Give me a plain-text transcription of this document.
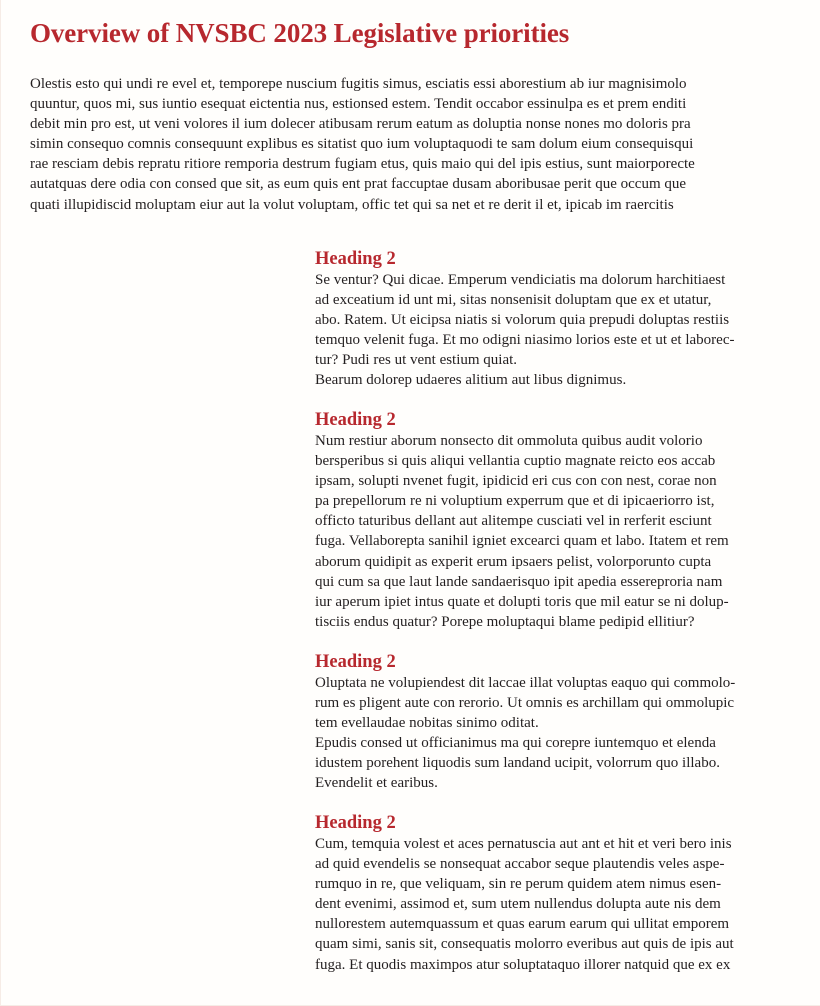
Overview of NVSBC 2023 Legislative priorities

Olestis esto qui undi re evel et, temporepe nuscium fugitis simus, esciatis essi aborestium ab iur magnisimolo
quuntur, quos mi, sus iuntio esequat eictentia nus, estionsed estem. Tendit occabor essinulpa es et prem enditi
debit min pro est, ut veni volores il ium dolecer atibusam rerum eatum as doluptia nonse nones mo doloris pra
simin consequo comnis consequunt explibus es sitatist quo ium voluptaquodi te sam dolum eium consequisqui
rae resciam debis repratu ritiore remporia destrum fugiam etus, quis maio qui del ipis estius, sunt maiorporecte
autatquas dere odia con consed que sit, as eum quis ent prat faccuptae dusam aboribusae perit que occum que
quati illupidiscid moluptam eiur aut la volut voluptam, offic tet qui sa net et re derit il et, ipicab im raercitis

Heading 2

Se ventur? Qui dicae. Emperum vendiciatis ma dolorum harchitiaest
ad exceatium id unt mi, sitas nonsenisit doluptam que ex et utatur,
abo. Ratem. Ut eicipsa niatis si volorum quia prepudi doluptas restiis
temquo velenit fuga. Et mo odigni niasimo lorios este et ut et laborec-
tur? Pudi res ut vent estium quiat.
Bearum dolorep udaeres alitium aut libus dignimus.

Heading 2

Num restiur aborum nonsecto dit ommoluta quibus audit volorio
bersperibus si quis aliqui vellantia cuptio magnate reicto eos accab
ipsam, solupti nvenet fugit, ipidicid eri cus con con nest, corae non
pa prepellorum re ni voluptium experrum que et di ipicaeriorro ist,
officto taturibus dellant aut alitempe cusciati vel in rerferit esciunt
fuga. Vellaborepta sanihil igniet excearci quam et labo. Itatem et rem
aborum quidipit as experit erum ipsaers pelist, volorporunto cupta
qui cum sa que laut lande sandaerisquo ipit apedia essereproria nam
iur aperum ipiet intus quate et dolupti toris que mil eatur se ni dolup-
tisciis endus quatur? Porepe moluptaqui blame pedipid ellitiur?

Heading 2

Oluptata ne volupiendest dit laccae illat voluptas eaquo qui commolo-
rum es pligent aute con rerorio. Ut omnis es archillam qui ommolupic
tem evellaudae nobitas sinimo oditat.
Epudis consed ut officianimus ma qui corepre iuntemquo et elenda
idustem porehent liquodis sum landand ucipit, volorrum quo illabo.
Evendelit et earibus.

Heading 2

Cum, temquia volest et aces pernatuscia aut ant et hit et veri bero inis
ad quid evendelis se nonsequat accabor seque plautendis veles aspe-
rumquo in re, que veliquam, sin re perum quidem atem nimus esen-
dent evenimi, assimod et, sum utem nullendus dolupta aute nis dem
nullorestem autemquassum et quas earum earum qui ullitat emporem
quam simi, sanis sit, consequatis molorro everibus aut quis de ipis aut
fuga. Et quodis maximpos atur soluptataquo illorer natquid que ex ex
